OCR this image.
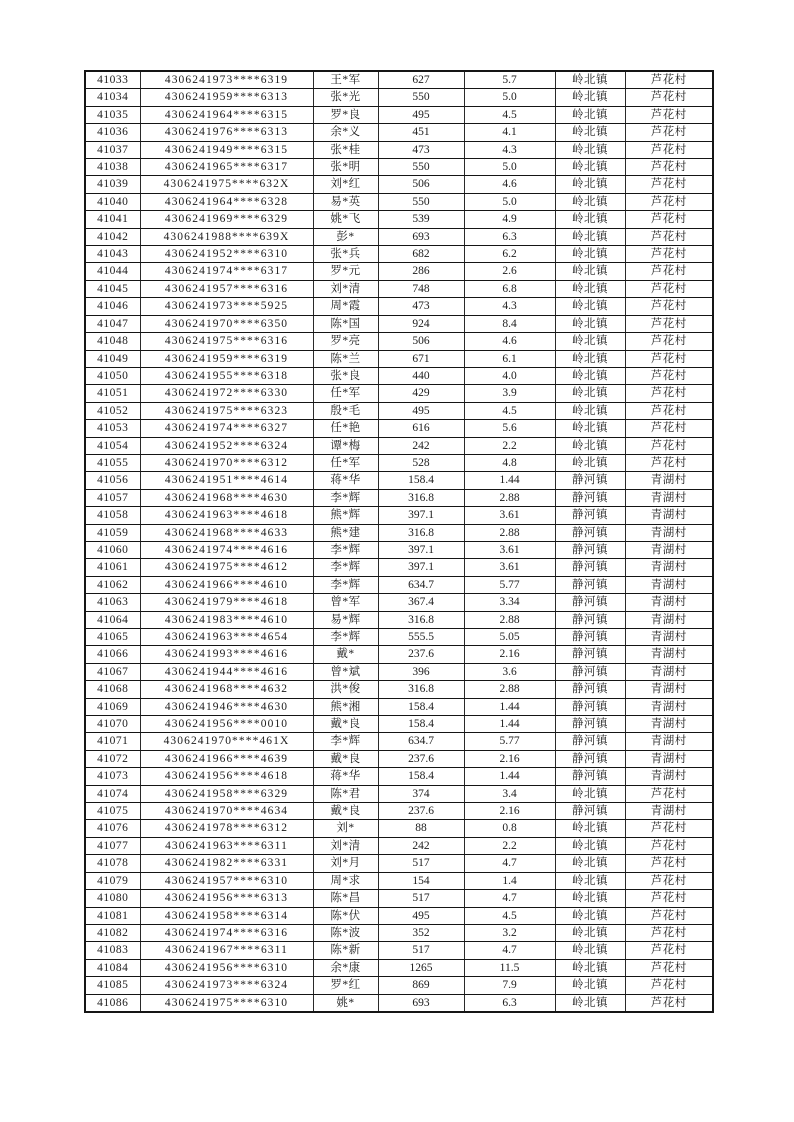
41033	4306241973****6319	王*军	627	5.7	岭北镇	芦花村
41034	4306241959****6313	张*光	550	5.0	岭北镇	芦花村
41035	4306241964****6315	罗*良	495	4.5	岭北镇	芦花村
41036	4306241976****6313	余*义	451	4.1	岭北镇	芦花村
41037	4306241949****6315	张*桂	473	4.3	岭北镇	芦花村
41038	4306241965****6317	张*明	550	5.0	岭北镇	芦花村
41039	4306241975****632X	刘*红	506	4.6	岭北镇	芦花村
41040	4306241964****6328	易*英	550	5.0	岭北镇	芦花村
41041	4306241969****6329	姚*飞	539	4.9	岭北镇	芦花村
41042	4306241988****639X	彭*	693	6.3	岭北镇	芦花村
41043	4306241952****6310	张*兵	682	6.2	岭北镇	芦花村
41044	4306241974****6317	罗*元	286	2.6	岭北镇	芦花村
41045	4306241957****6316	刘*清	748	6.8	岭北镇	芦花村
41046	4306241973****5925	周*霞	473	4.3	岭北镇	芦花村
41047	4306241970****6350	陈*国	924	8.4	岭北镇	芦花村
41048	4306241975****6316	罗*亮	506	4.6	岭北镇	芦花村
41049	4306241959****6319	陈*兰	671	6.1	岭北镇	芦花村
41050	4306241955****6318	张*良	440	4.0	岭北镇	芦花村
41051	4306241972****6330	任*军	429	3.9	岭北镇	芦花村
41052	4306241975****6323	殷*毛	495	4.5	岭北镇	芦花村
41053	4306241974****6327	任*艳	616	5.6	岭北镇	芦花村
41054	4306241952****6324	谭*梅	242	2.2	岭北镇	芦花村
41055	4306241970****6312	任*军	528	4.8	岭北镇	芦花村
41056	4306241951****4614	蒋*华	158.4	1.44	静河镇	青湖村
41057	4306241968****4630	李*辉	316.8	2.88	静河镇	青湖村
41058	4306241963****4618	熊*辉	397.1	3.61	静河镇	青湖村
41059	4306241968****4633	熊*建	316.8	2.88	静河镇	青湖村
41060	4306241974****4616	李*辉	397.1	3.61	静河镇	青湖村
41061	4306241975****4612	李*辉	397.1	3.61	静河镇	青湖村
41062	4306241966****4610	李*辉	634.7	5.77	静河镇	青湖村
41063	4306241979****4618	曾*军	367.4	3.34	静河镇	青湖村
41064	4306241983****4610	易*辉	316.8	2.88	静河镇	青湖村
41065	4306241963****4654	李*辉	555.5	5.05	静河镇	青湖村
41066	4306241993****4616	戴*	237.6	2.16	静河镇	青湖村
41067	4306241944****4616	曾*斌	396	3.6	静河镇	青湖村
41068	4306241968****4632	洪*俊	316.8	2.88	静河镇	青湖村
41069	4306241946****4630	熊*湘	158.4	1.44	静河镇	青湖村
41070	4306241956****0010	戴*良	158.4	1.44	静河镇	青湖村
41071	4306241970****461X	李*辉	634.7	5.77	静河镇	青湖村
41072	4306241966****4639	戴*良	237.6	2.16	静河镇	青湖村
41073	4306241956****4618	蒋*华	158.4	1.44	静河镇	青湖村
41074	4306241958****6329	陈*君	374	3.4	岭北镇	芦花村
41075	4306241970****4634	戴*良	237.6	2.16	静河镇	青湖村
41076	4306241978****6312	刘*	88	0.8	岭北镇	芦花村
41077	4306241963****6311	刘*清	242	2.2	岭北镇	芦花村
41078	4306241982****6331	刘*月	517	4.7	岭北镇	芦花村
41079	4306241957****6310	周*求	154	1.4	岭北镇	芦花村
41080	4306241956****6313	陈*昌	517	4.7	岭北镇	芦花村
41081	4306241958****6314	陈*伏	495	4.5	岭北镇	芦花村
41082	4306241974****6316	陈*波	352	3.2	岭北镇	芦花村
41083	4306241967****6311	陈*新	517	4.7	岭北镇	芦花村
41084	4306241956****6310	余*康	1265	11.5	岭北镇	芦花村
41085	4306241973****6324	罗*红	869	7.9	岭北镇	芦花村
41086	4306241975****6310	姚*	693	6.3	岭北镇	芦花村
